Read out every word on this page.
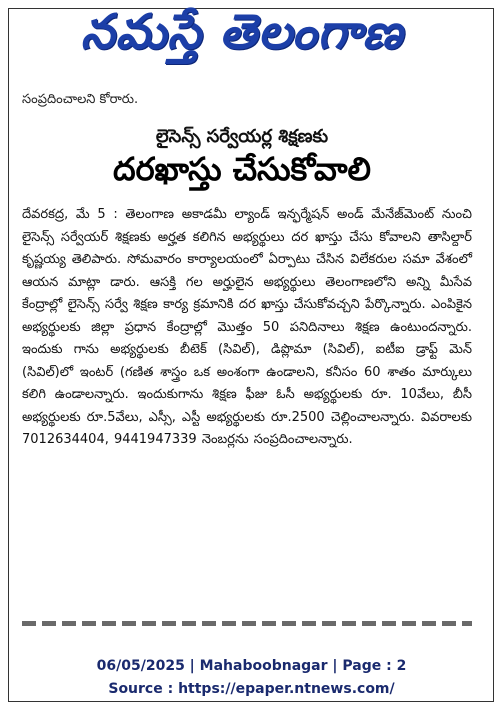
నమస్తే తెలంగాణ
సంప్రదించాలని కోరారు.
లైసెన్స్ సర్వేయర్ల శిక్షణకు
దరఖాస్తు చేసుకోవాలి
దేవరకద్ర, మే 5 : తెలంగాణ అకాడమీ ల్యాండ్ ఇన్ఫర్మేషన్ అండ్ మేనేజ్‌మెంట్ నుంచి లైసెన్స్ సర్వేయర్ శిక్షణకు అర్హత కలిగిన అభ్యర్థులు దర ఖాస్తు చేసు కోవాలని తాసిల్దార్ కృష్ణయ్య తెలిపారు. సోమవారం కార్యాలయంలో ఏర్పాటు చేసిన విలేకరుల సమా వేశంలో ఆయన మాట్లా డారు. ఆసక్తి గల అర్హులైన అభ్యర్థులు తెలంగాణలోని అన్ని మీసేవ కేంద్రాల్లో లైసెన్స్ సర్వే శిక్షణ కార్య క్రమానికి దర ఖాస్తు చేసుకోవచ్చని పేర్కొన్నారు. ఎంపికైన అభ్యర్థులకు జిల్లా ప్రధాన కేంద్రాల్లో మొత్తం 50 పనిదినాలు శిక్షణ ఉంటుందన్నారు. ఇందుకు గాను అభ్యర్థులకు బీటెక్ (సివిల్), డిప్లొమా (సివిల్), ఐటీఐ డ్రాఫ్ట్ మెన్ (సివిల్)లో ఇంటర్ (గణిత శాస్త్రం ఒక అంశంగా ఉండాలని, కనీసం 60 శాతం మార్కులు కలిగి ఉండాలన్నారు. ఇందుకుగాను శిక్షణ ఫీజు ఓసీ అభ్యర్థులకు రూ. 10వేలు, బీసీ అభ్యర్థులకు రూ.5వేలు, ఎస్సీ, ఎస్టీ అభ్యర్థులకు రూ.2500 చెల్లించాలన్నారు. వివరాలకు 7012634404, 9441947339 నెంబర్లను సంప్రదించాలన్నారు.
06/05/2025 | Mahaboobnagar | Page : 2
Source : https://epaper.ntnews.com/
